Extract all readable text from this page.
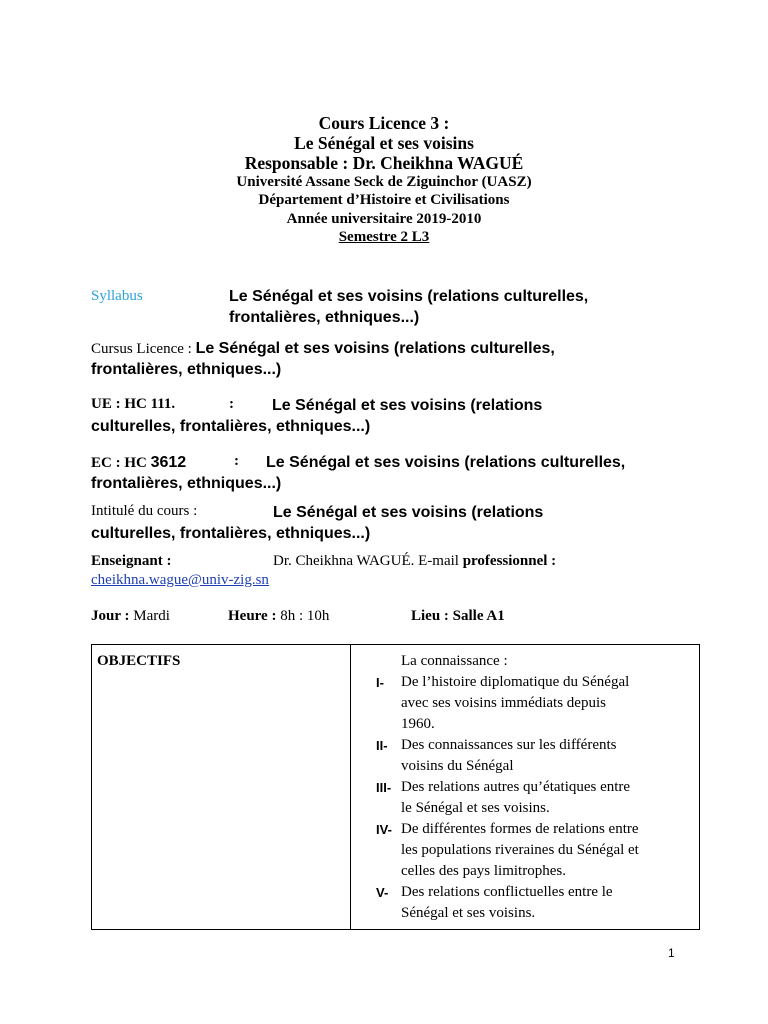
Cours Licence 3 :
Le Sénégal et ses voisins
Responsable : Dr. Cheikhna WAGUÉ
Université Assane Seck de Ziguinchor (UASZ)
Département d’Histoire et Civilisations
Année universitaire 2019-2010
Semestre 2 L3
Syllabus	Le Sénégal et ses voisins (relations culturelles,
frontalières, ethniques...)
Cursus Licence : Le Sénégal et ses voisins (relations culturelles,
frontalières, ethniques...)
UE : HC 111.	: Le Sénégal et ses voisins (relations
culturelles, frontalières, ethniques...)
EC : HC 3612	: Le Sénégal et ses voisins (relations culturelles,
frontalières, ethniques...)
Intitulé du cours :	Le Sénégal et ses voisins (relations
culturelles, frontalières, ethniques...)
Enseignant :	Dr. Cheikhna WAGUÉ. E-mail professionnel :
cheikhna.wague@univ-zig.sn
Jour : Mardi	Heure : 8h : 10h	Lieu : Salle A1
OBJECTIFS	La connaissance :
I-	De l’histoire diplomatique du Sénégal
avec ses voisins immédiats depuis
1960.
II- Des connaissances sur les différents
voisins du Sénégal
III- Des relations autres qu’étatiques entre
le Sénégal et ses voisins.
IV- De différentes formes de relations entre
les populations riveraines du Sénégal et
celles des pays limitrophes.
V- Des relations conflictuelles entre le
Sénégal et ses voisins.
1
